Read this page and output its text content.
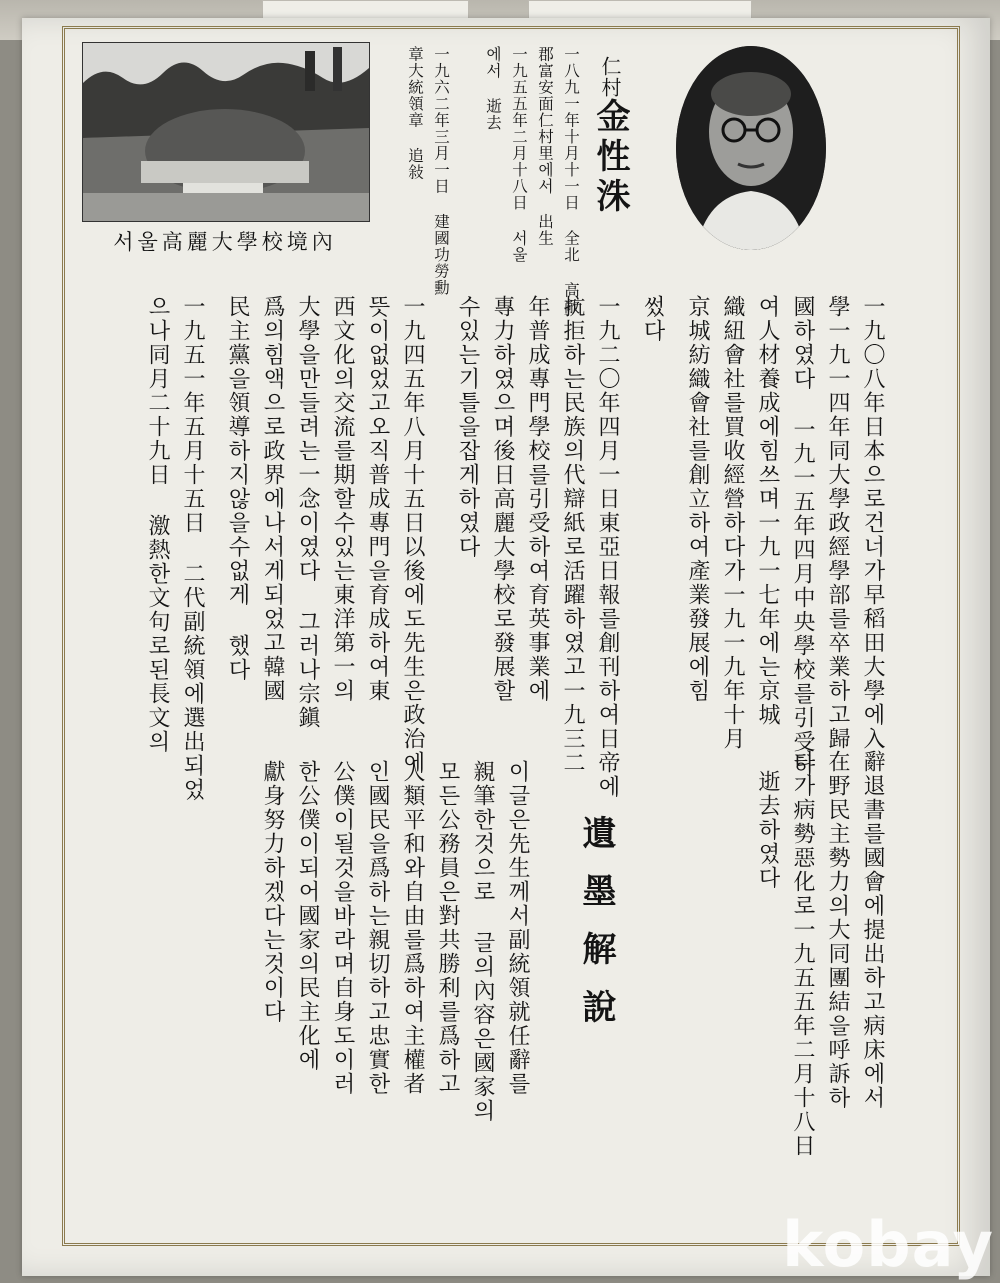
서울高麗大學校境內
仁村金性洙
一八九一年十月十一日 全北 高敞
郡富安面仁村里에서 出生
一九五五年二月十八日 서울
에서 逝去
一九六二年三月一日 建國功勞勳
章大統領章 追敍
一九〇八年日本으로건너가早稻田大學에入
學一九一四年同大學政經學部를卒業하고歸
國하였다 一九一五年四月中央學校를引受하
여人材養成에힘쓰며一九一七年에는京城
織紐會社를買收經營하다가一九一九年十月
京城紡織會社를創立하여產業發展에힘
썼다
一九二〇年四月一日東亞日報를創刊하여日帝에
抗拒하는民族의代辯紙로活躍하였고一九三二
年普成專門學校를引受하여育英事業에
專力하였으며後日高麗大學校로發展할
수있는기틀을잡게하였다
一九四五年八月十五日以後에도先生은政治에
뜻이없었고오직普成專門을育成하여東
西文化의交流를期할수있는東洋第一의
大學을만들려는一念이였다 그러나宗鎭
爲의힘액으로政界에나서게되었고韓國
民主黨을領導하지않을수없게 했다
一九五一年五月十五日 二代副統領에選出되었
으나同月二十九日 激熱한文句로된長文의
辭退書를國會에提出하고病床에서
在野民主勢力의大同團結을呼訴하
다가病勢惡化로一九五五年二月十八日
逝去하였다
遺墨解說
이글은先生께서副統領就任辭를
親筆한것으로 글의內容은國家의
모든公務員은對共勝利를爲하고
人類平和와自由를爲하여主權者
인國民을爲하는親切하고忠實한
公僕이될것을바라며自身도이러
한公僕이되어國家의民主化에
獻身努力하겠다는것이다
kobay
